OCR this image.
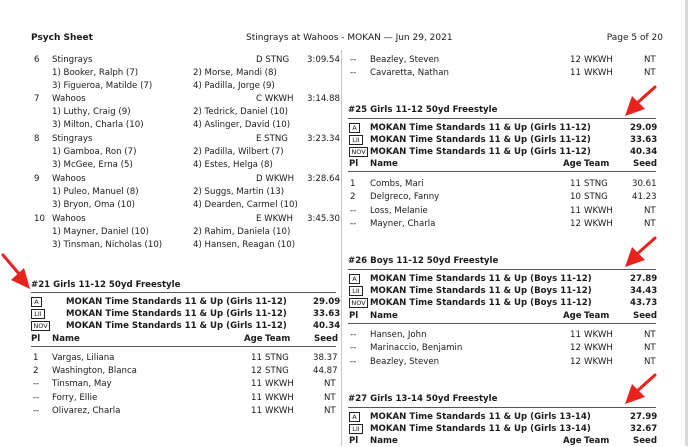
Psych Sheet	Stingrays at Wahoos - MOKAN — Jun 29, 2021	Page 5 of 20
6 Stingrays	D STNG 3:09.54
1) Booker, Ralph (7)	2) Morse, Mandi (8)
3) Figueroa, Matilde (7)	4) Padilla, Jorge (9)
7 Wahoos	C WKWH 3:14.88
1) Luthy, Craig (9)	2) Tedrick, Daniel (10)
3) Milton, Charla (10)	4) Aslinger, David (10)
8 Stingrays	E STNG 3:23.34
1) Gamboa, Ron (7)	2) Padilla, Wilbert (7)
3) McGee, Erna (5)	4) Estes, Helga (8)
9 Wahoos	D WKWH 3:28.64
1) Puleo, Manuel (8)	2) Suggs, Martin (13)
3) Bryon, Oma (10)	4) Dearden, Carmel (10)
10 Wahoos	E WKWH 3:45.30
1) Mayner, Daniel (10)	2) Rahim, Daniela (10)
3) Tinsman, Nicholas (10)	4) Hansen, Reagan (10)
#21 Girls 11-12 50yd Freestyle
A	MOKAN Time Standards 11 & Up (Girls 11-12)	29.09
LII	MOKAN Time Standards 11 & Up (Girls 11-12)	33.63
NOV MOKAN Time Standards 11 & Up (Girls 11-12)	40.34
Pl Name	Age Team	Seed
1 Vargas, Liliana	11 STNG	38.37
2 Washington, Blanca	12 STNG	44.87
-- Tinsman, May	11 WKWH	NT
-- Forry, Ellie	11 WKWH	NT
-- Olivarez, Charla	11 WKWH	NT
-- Beazley, Steven	12 WKWH	NT
-- Cavaretta, Nathan	11 WKWH	NT
#25 Girls 11-12 50yd Freestyle
A	MOKAN Time Standards 11 & Up (Girls 11-12)	29.09
LII	MOKAN Time Standards 11 & Up (Girls 11-12)	33.63
NOV MOKAN Time Standards 11 & Up (Girls 11-12)	40.34
Pl Name	Age Team	Seed
1 Combs, Mari	11 STNG	30.61
2 Delgreco, Fanny	10 STNG	41.23
-- Loss, Melanie	11 WKWH	NT
-- Mayner, Charla	12 WKWH	NT
#26 Boys 11-12 50yd Freestyle
A	MOKAN Time Standards 11 & Up (Boys 11-12)	27.89
LII	MOKAN Time Standards 11 & Up (Boys 11-12)	34.43
NOV MOKAN Time Standards 11 & Up (Boys 11-12)	43.73
Pl Name	Age Team	Seed
-- Hansen, John	11 WKWH	NT
-- Marinaccio, Benjamin	12 WKWH	NT
-- Beazley, Steven	12 WKWH	NT
#27 Girls 13-14 50yd Freestyle
A	MOKAN Time Standards 11 & Up (Girls 13-14)	27.99
LII	MOKAN Time Standards 11 & Up (Girls 13-14)	32.67
Pl Name	Age Team	Seed
